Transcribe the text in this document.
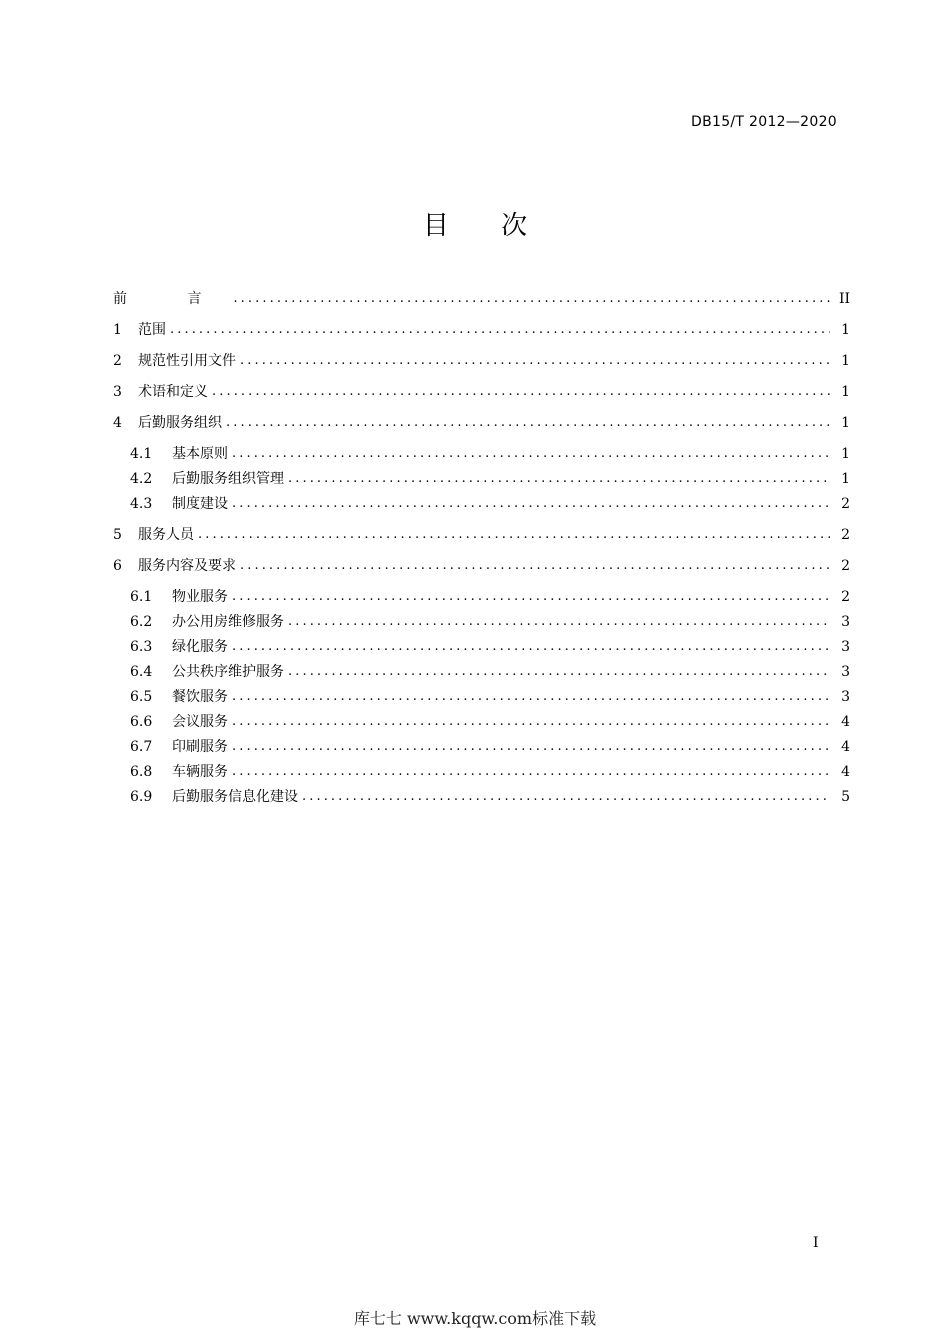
DB15/T 2012—2020
目 次
前 言 .....	II
1	范围 .....	1
2	规范性引用文件 .....	1
3	术语和定义 .....	1
4	后勤服务组织 .....	1
4.1	基本原则 .....	1
4.2	后勤服务组织管理 .....	1
4.3	制度建设 .....	2
5	服务人员 .....	2
6	服务内容及要求 .....	2
6.1	物业服务 .....	2
6.2	办公用房维修服务 .....	3
6.3	绿化服务 .....	3
6.4	公共秩序维护服务 .....	3
6.5	餐饮服务 .....	3
6.6	会议服务 .....	4
6.7	印刷服务 .....	4
6.8	车辆服务 .....	4
6.9	后勤服务信息化建设 .....	5
I
库七七 www.kqqw.com标准下载
